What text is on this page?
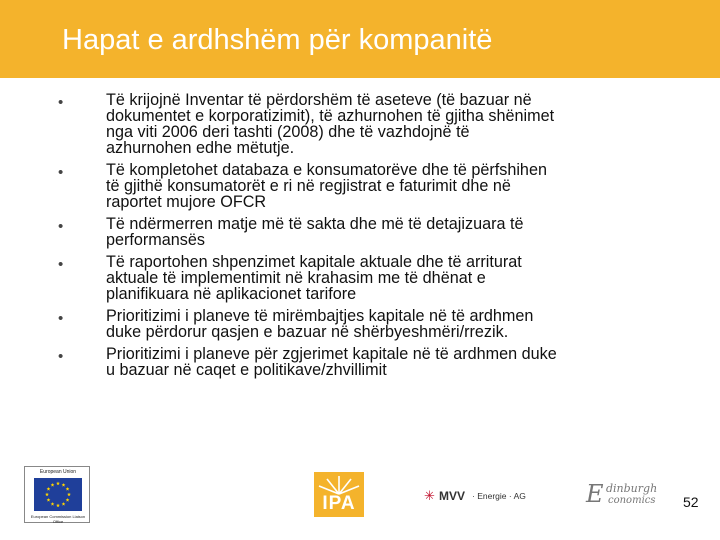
Hapat e ardhshëm për kompanitë
•	Të krijojnë Inventar të përdorshëm të aseteve (të bazuar në
dokumentet e korporatizimit), të azhurnohen të gjitha shënimet
nga viti 2006 deri tashti (2008) dhe të vazhdojnë të
azhurnohen edhe mëtutje.
•	Të kompletohet databaza e konsumatorëve dhe të përfshihen
të gjithë konsumatorët e ri në regjistrat e faturimit dhe në
raportet mujore OFCR
•	Të ndërmerren matje më të sakta dhe më të detajizuara të
performansës
•	Të raportohen shpenzimet kapitale aktuale dhe të arriturat
aktuale të implementimit në krahasim me të dhënat e
planifikuara në aplikacionet tarifore
•	Prioritizimi i planeve të mirëmbajtjes kapitale në të ardhmen
duke përdorur qasjen e bazuar në shërbyeshmëri/rrezik.
•	Prioritizimi i planeve për zgjerimet kapitale në të ardhmen duke
u bazuar në caqet e politikave/zhvillimit
European Union
European Commission Liaison Office
IPA	✳ MVV · Energie · AG	E dinburgh
conomics 52
